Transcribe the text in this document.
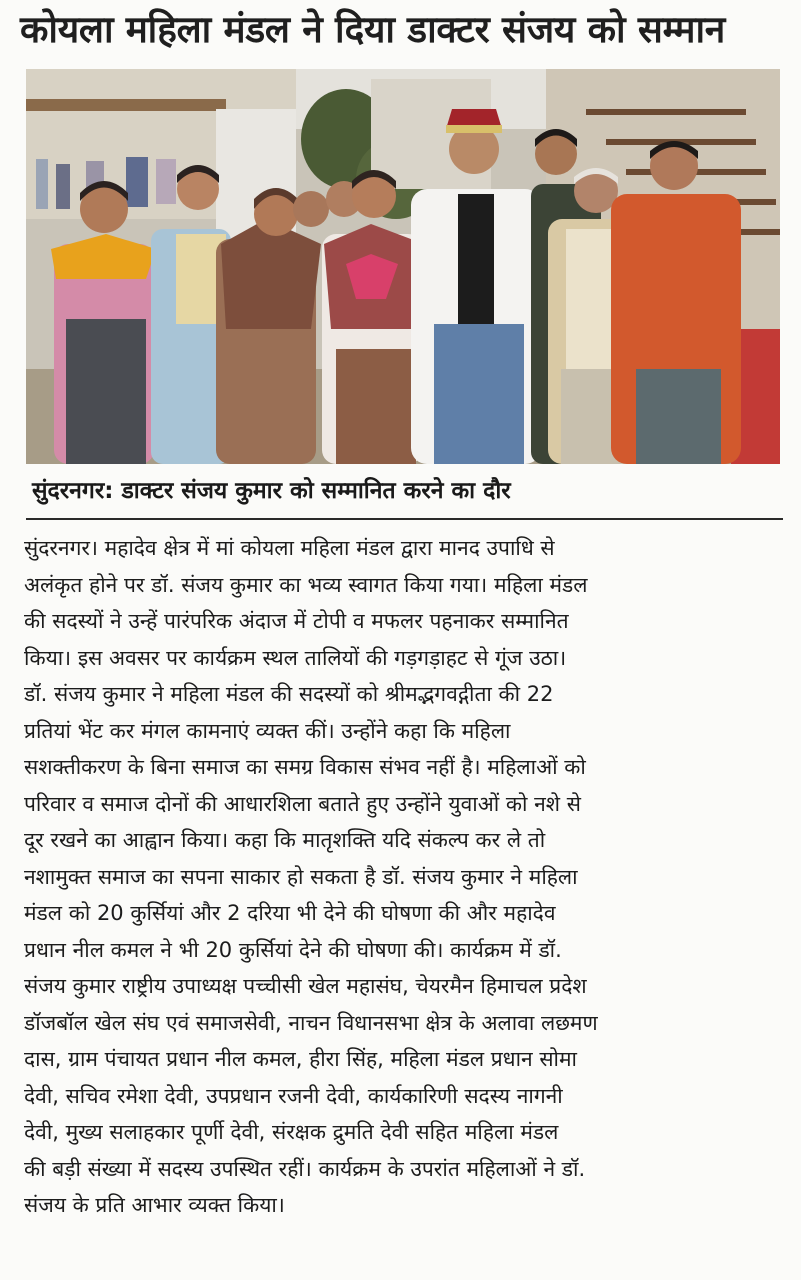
कोयला महिला मंडल ने दिया डाक्टर संजय को सम्मान
सुंदरनगर: डाक्टर संजय कुमार को सम्मानित करने का दौर
सुंदरनगर। महादेव क्षेत्र में मां कोयला महिला मंडल द्वारा मानद उपाधि से
अलंकृत होने पर डॉ. संजय कुमार का भव्य स्वागत किया गया। महिला मंडल
की सदस्यों ने उन्हें पारंपरिक अंदाज में टोपी व मफलर पहनाकर सम्मानित
किया। इस अवसर पर कार्यक्रम स्थल तालियों की गड़गड़ाहट से गूंज उठा।
डॉ. संजय कुमार ने महिला मंडल की सदस्यों को श्रीमद्भगवद्गीता की 22
प्रतियां भेंट कर मंगल कामनाएं व्यक्त कीं। उन्होंने कहा कि महिला
सशक्तीकरण के बिना समाज का समग्र विकास संभव नहीं है। महिलाओं को
परिवार व समाज दोनों की आधारशिला बताते हुए उन्होंने युवाओं को नशे से
दूर रखने का आह्वान किया। कहा कि मातृशक्ति यदि संकल्प कर ले तो
नशामुक्त समाज का सपना साकार हो सकता है डॉ. संजय कुमार ने महिला
मंडल को 20 कुर्सियां और 2 दरिया भी देने की घोषणा की और महादेव
प्रधान नील कमल ने भी 20 कुर्सियां देने की घोषणा की। कार्यक्रम में डॉ.
संजय कुमार राष्ट्रीय उपाध्यक्ष पच्चीसी खेल महासंघ, चेयरमैन हिमाचल प्रदेश
डॉजबॉल खेल संघ एवं समाजसेवी, नाचन विधानसभा क्षेत्र के अलावा लछमण
दास, ग्राम पंचायत प्रधान नील कमल, हीरा सिंह, महिला मंडल प्रधान सोमा
देवी, सचिव रमेशा देवी, उपप्रधान रजनी देवी, कार्यकारिणी सदस्य नागनी
देवी, मुख्य सलाहकार पूर्णी देवी, संरक्षक द्रुमति देवी सहित महिला मंडल
की बड़ी संख्या में सदस्य उपस्थित रहीं। कार्यक्रम के उपरांत महिलाओं ने डॉ.
संजय के प्रति आभार व्यक्त किया।
